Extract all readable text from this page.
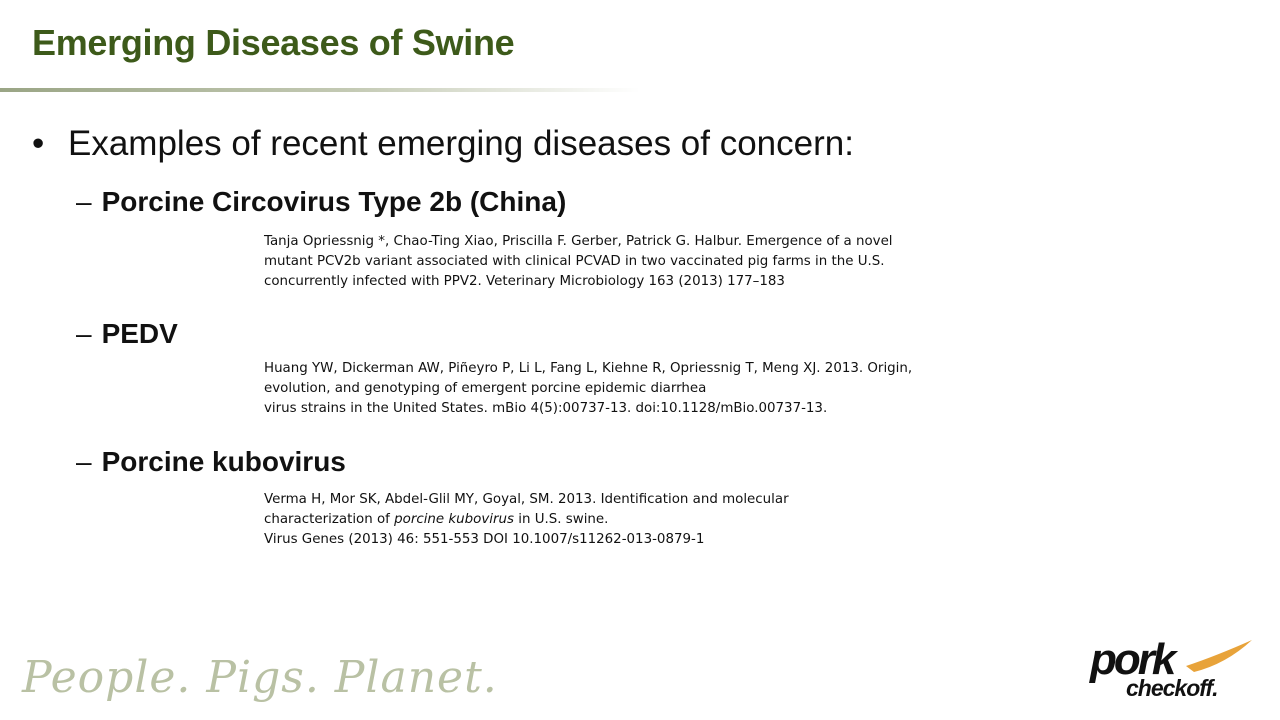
Emerging Diseases of Swine
• Examples of recent emerging diseases of concern:
– Porcine Circovirus Type 2b (China)
Tanja Opriessnig *, Chao-Ting Xiao, Priscilla F. Gerber, Patrick G. Halbur. Emergence of a novel
mutant PCV2b variant associated with clinical PCVAD in two vaccinated pig farms in the U.S.
concurrently infected with PPV2. Veterinary Microbiology 163 (2013) 177–183
– PEDV
Huang YW, Dickerman AW, Piñeyro P, Li L, Fang L, Kiehne R, Opriessnig T, Meng XJ. 2013. Origin,
evolution, and genotyping of emergent porcine epidemic diarrhea
virus strains in the United States. mBio 4(5):00737-13. doi:10.1128/mBio.00737-13.
– Porcine kubovirus
Verma H, Mor SK, Abdel-Glil MY, Goyal, SM. 2013. Identification and molecular
characterization of porcine kubovirus in U.S. swine.
Virus Genes (2013) 46: 551-553 DOI 10.1007/s11262-013-0879-1
People. Pigs. Planet.	pork
checkoff.
